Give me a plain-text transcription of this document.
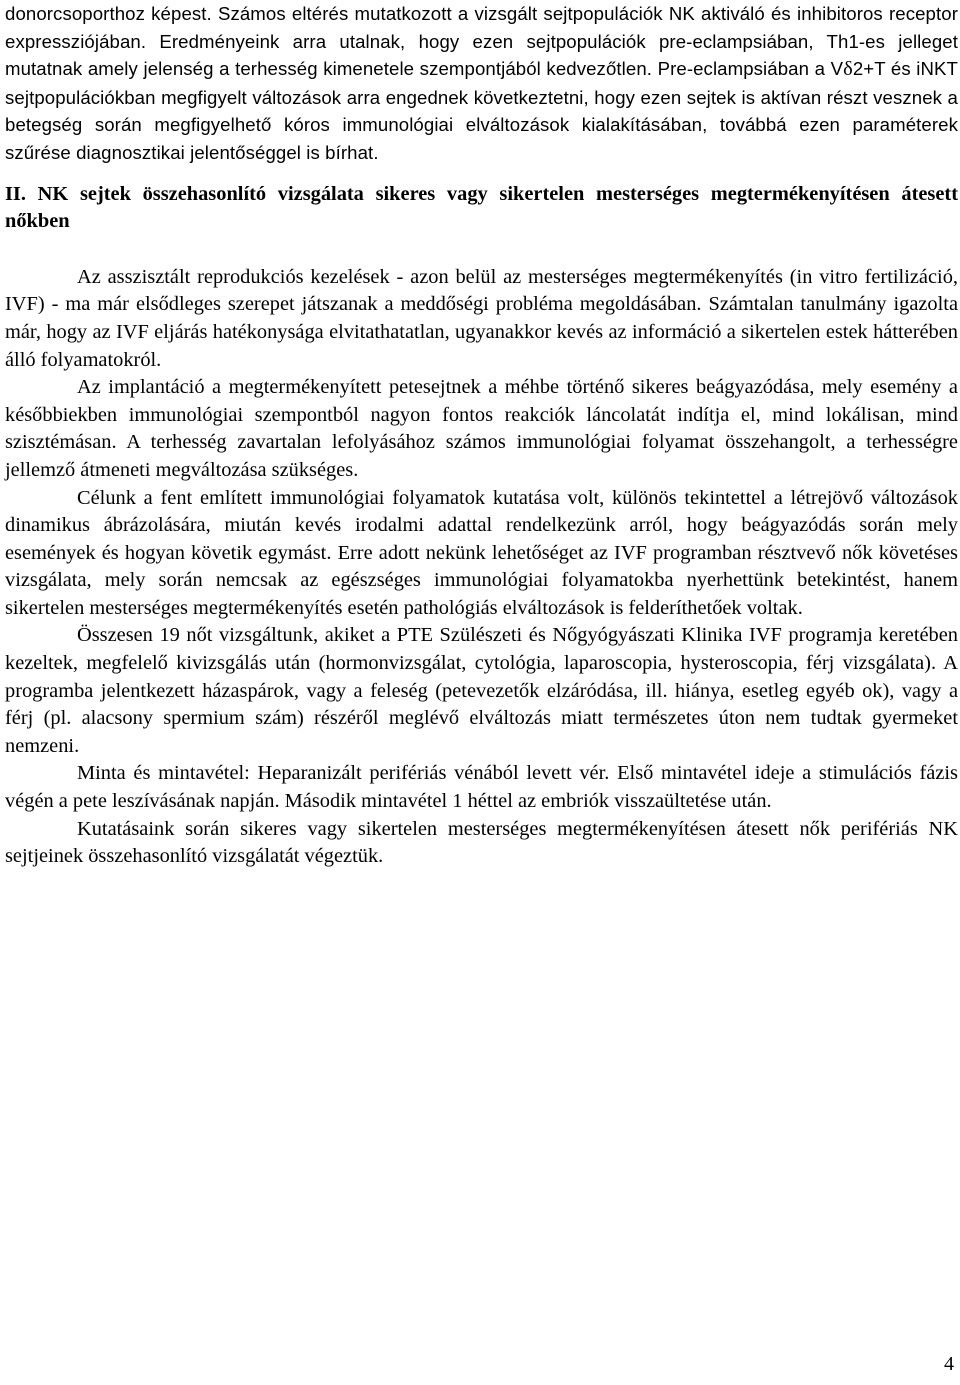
donorcsoporthoz képest. Számos eltérés mutatkozott a vizsgált sejtpopulációk NK aktiváló és inhibitoros receptor expressziójában. Eredményeink arra utalnak, hogy ezen sejtpopulációk pre-eclampsiában, Th1-es jelleget mutatnak amely jelenség a terhesség kimenetele szempontjából kedvezőtlen. Pre-eclampsiában a Vδ2+T és iNKT sejtpopulációkban megfigyelt változások arra engednek következtetni, hogy ezen sejtek is aktívan részt vesznek a betegség során megfigyelhető kóros immunológiai elváltozások kialakításában, továbbá ezen paraméterek szűrése diagnosztikai jelentőséggel is bírhat.

II. NK sejtek összehasonlító vizsgálata sikeres vagy sikertelen mesterséges megtermékenyítésen átesett nőkben

Az asszisztált reprodukciós kezelések - azon belül az mesterséges megtermékenyítés (in vitro fertilizáció, IVF) - ma már elsődleges szerepet játszanak a meddőségi probléma megoldásában. Számtalan tanulmány igazolta már, hogy az IVF eljárás hatékonysága elvitathatatlan, ugyanakkor kevés az információ a sikertelen estek hátterében álló folyamatokról.

Az implantáció a megtermékenyített petesejtnek a méhbe történő sikeres beágyazódása, mely esemény a későbbiekben immunológiai szempontból nagyon fontos reakciók láncolatát indítja el, mind lokálisan, mind szisztémásan. A terhesség zavartalan lefolyásához számos immunológiai folyamat összehangolt, a terhességre jellemző átmeneti megváltozása szükséges.

Célunk a fent említett immunológiai folyamatok kutatása volt, különös tekintettel a létrejövő változások dinamikus ábrázolására, miután kevés irodalmi adattal rendelkezünk arról, hogy beágyazódás során mely események és hogyan követik egymást. Erre adott nekünk lehetőséget az IVF programban résztvevő nők követéses vizsgálata, mely során nemcsak az egészséges immunológiai folyamatokba nyerhettünk betekintést, hanem sikertelen mesterséges megtermékenyítés esetén pathológiás elváltozások is felderíthetőek voltak.

Összesen 19 nőt vizsgáltunk, akiket a PTE Szülészeti és Nőgyógyászati Klinika IVF programja keretében kezeltek, megfelelő kivizsgálás után (hormonvizsgálat, cytológia, laparoscopia, hysteroscopia, férj vizsgálata). A programba jelentkezett házaspárok, vagy a feleség (petevezetők elzáródása, ill. hiánya, esetleg egyéb ok), vagy a férj (pl. alacsony spermium szám) részéről meglévő elváltozás miatt természetes úton nem tudtak gyermeket nemzeni.

Minta és mintavétel: Heparanizált perifériás vénából levett vér. Első mintavétel ideje a stimulációs fázis végén a pete leszívásának napján. Második mintavétel 1 héttel az embriók visszaültetése után.

Kutatásaink során sikeres vagy sikertelen mesterséges megtermékenyítésen átesett nők perifériás NK sejtjeinek összehasonlító vizsgálatát végeztük.

4
